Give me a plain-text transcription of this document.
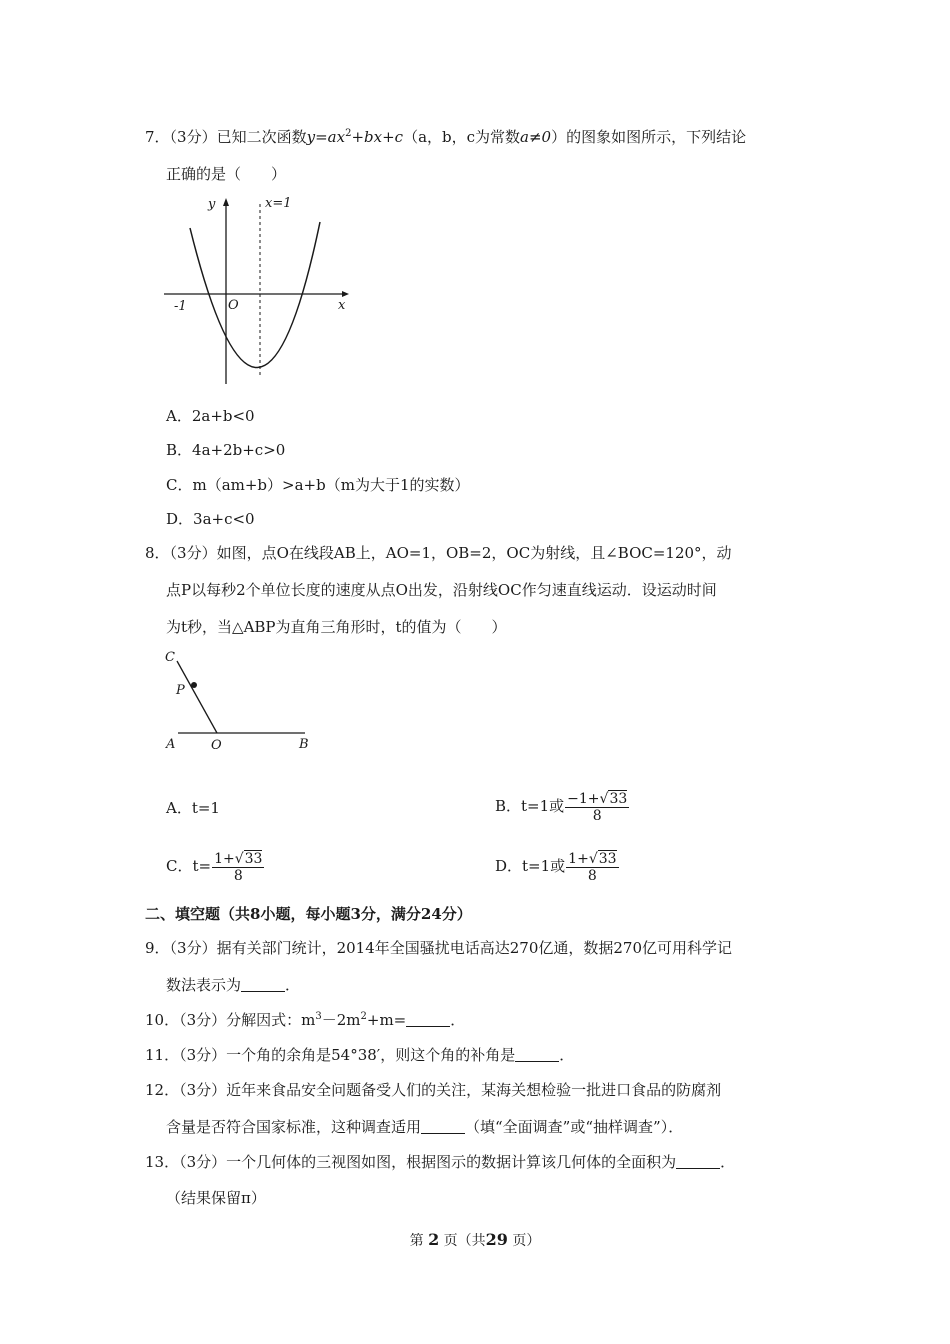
7．（3分）已知二次函数$y=ax^2+bx+c(a$，b，c为常数a≠0）的图象如图所示，下列结论
正确的是（　　）
y
x
x=1
-1	O
A．2a+b<0
B．4a+2b+c>0
C．m（am+b）>a+b（m为大于1的实数）
D．3a+c<0
8．（3分）如图，点O在线段AB上，AO=1，OB=2，OC为射线，且∠BOC=120°，动
点P以每秒2个单位长度的速度从点O出发，沿射线OC作匀速直线运动．设运动时间
为t秒，当△ABP为直角三角形时，t的值为（　　）
C
P
A	O	B
A．t=1	B．t=1或 $\frac{-1+√33}{8}$
C．$t= \frac{1+√33}{8}$	D．t=1或 $\frac{1+√33}{8}$
二、填空题（共8小题，每小题3分，满分24分）
9．（3分）据有关部门统计，2014年全国骚扰电话高达270亿通，数据270亿可用科学记
数法表示为	．
10．（3分）分解因式：$m^3-2m^2+m=$	．
11．（3分）一个角的余角是54°38′，则这个角的补角是	．
12．（3分）近年来食品安全问题备受人们的关注，某海关想检验一批进口食品的防腐剂
含量是否符合国家标准，这种调查适用	（填“全面调查”或“抽样调查”）．
13．（3分）一个几何体的三视图如图，根据图示的数据计算该几何体的全面积为	．
（结果保留π）
第 2 页（共29 页）
